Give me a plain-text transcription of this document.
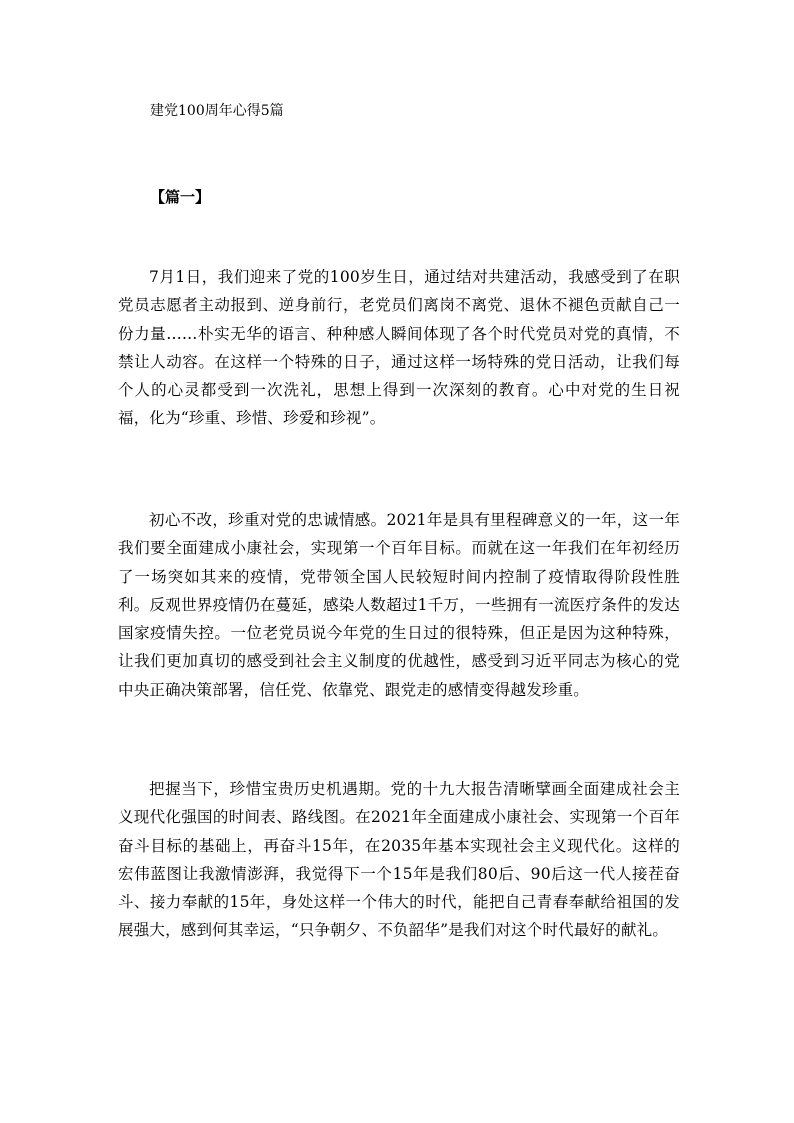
建党100周年心得5篇
【篇一】

7月1日，我们迎来了党的100岁生日，通过结对共建活动，我感受到了在职党员志愿者主动报到、逆身前行，老党员们离岗不离党、退休不褪色贡献自己一份力量……朴实无华的语言、种种感人瞬间体现了各个时代党员对党的真情，不禁让人动容。在这样一个特殊的日子，通过这样一场特殊的党日活动，让我们每个人的心灵都受到一次洗礼，思想上得到一次深刻的教育。心中对党的生日祝福，化为“珍重、珍惜、珍爱和珍视”。

初心不改，珍重对党的忠诚情感。2021年是具有里程碑意义的一年，这一年我们要全面建成小康社会，实现第一个百年目标。而就在这一年我们在年初经历了一场突如其来的疫情，党带领全国人民较短时间内控制了疫情取得阶段性胜利。反观世界疫情仍在蔓延，感染人数超过1千万，一些拥有一流医疗条件的发达国家疫情失控。一位老党员说今年党的生日过的很特殊，但正是因为这种特殊，让我们更加真切的感受到社会主义制度的优越性，感受到习近平同志为核心的党中央正确决策部署，信任党、依靠党、跟党走的感情变得越发珍重。

把握当下，珍惜宝贵历史机遇期。党的十九大报告清晰擘画全面建成社会主义现代化强国的时间表、路线图。在2021年全面建成小康社会、实现第一个百年奋斗目标的基础上，再奋斗15年，在2035年基本实现社会主义现代化。这样的宏伟蓝图让我激情澎湃，我觉得下一个15年是我们80后、90后这一代人接茬奋斗、接力奉献的15年，身处这样一个伟大的时代，能把自己青春奉献给祖国的发展强大，感到何其幸运，“只争朝夕、不负韶华”是我们对这个时代最好的献礼。
